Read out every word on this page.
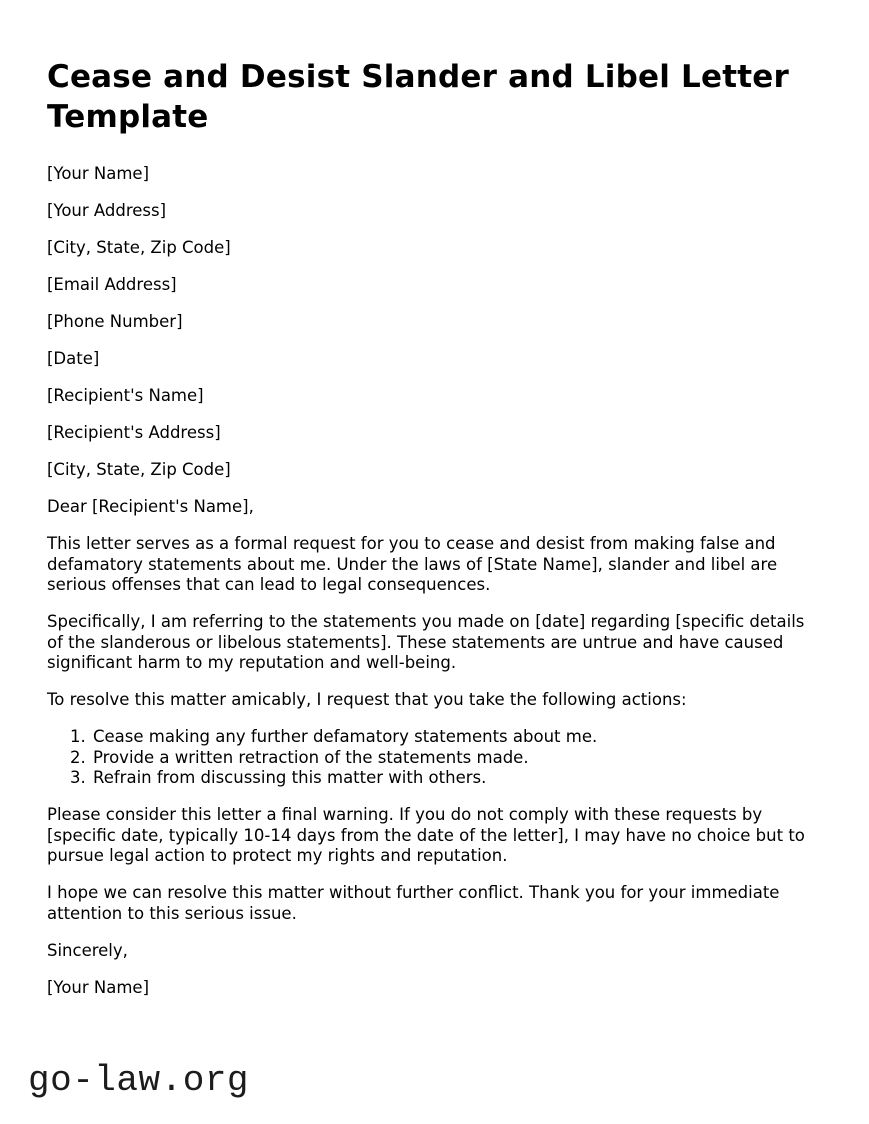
Cease and Desist Slander and Libel Letter Template

[Your Name]

[Your Address]

[City, State, Zip Code]

[Email Address]

[Phone Number]

[Date]

[Recipient's Name]

[Recipient's Address]

[City, State, Zip Code]

Dear [Recipient's Name],

This letter serves as a formal request for you to cease and desist from making false and defamatory statements about me. Under the laws of [State Name], slander and libel are serious offenses that can lead to legal consequences.

Specifically, I am referring to the statements you made on [date] regarding [specific details of the slanderous or libelous statements]. These statements are untrue and have caused significant harm to my reputation and well-being.

To resolve this matter amicably, I request that you take the following actions:

1. Cease making any further defamatory statements about me.
2. Provide a written retraction of the statements made.
3. Refrain from discussing this matter with others.

Please consider this letter a final warning. If you do not comply with these requests by [specific date, typically 10-14 days from the date of the letter], I may have no choice but to pursue legal action to protect my rights and reputation.

I hope we can resolve this matter without further conflict. Thank you for your immediate attention to this serious issue.

Sincerely,

[Your Name]

go-law.org
